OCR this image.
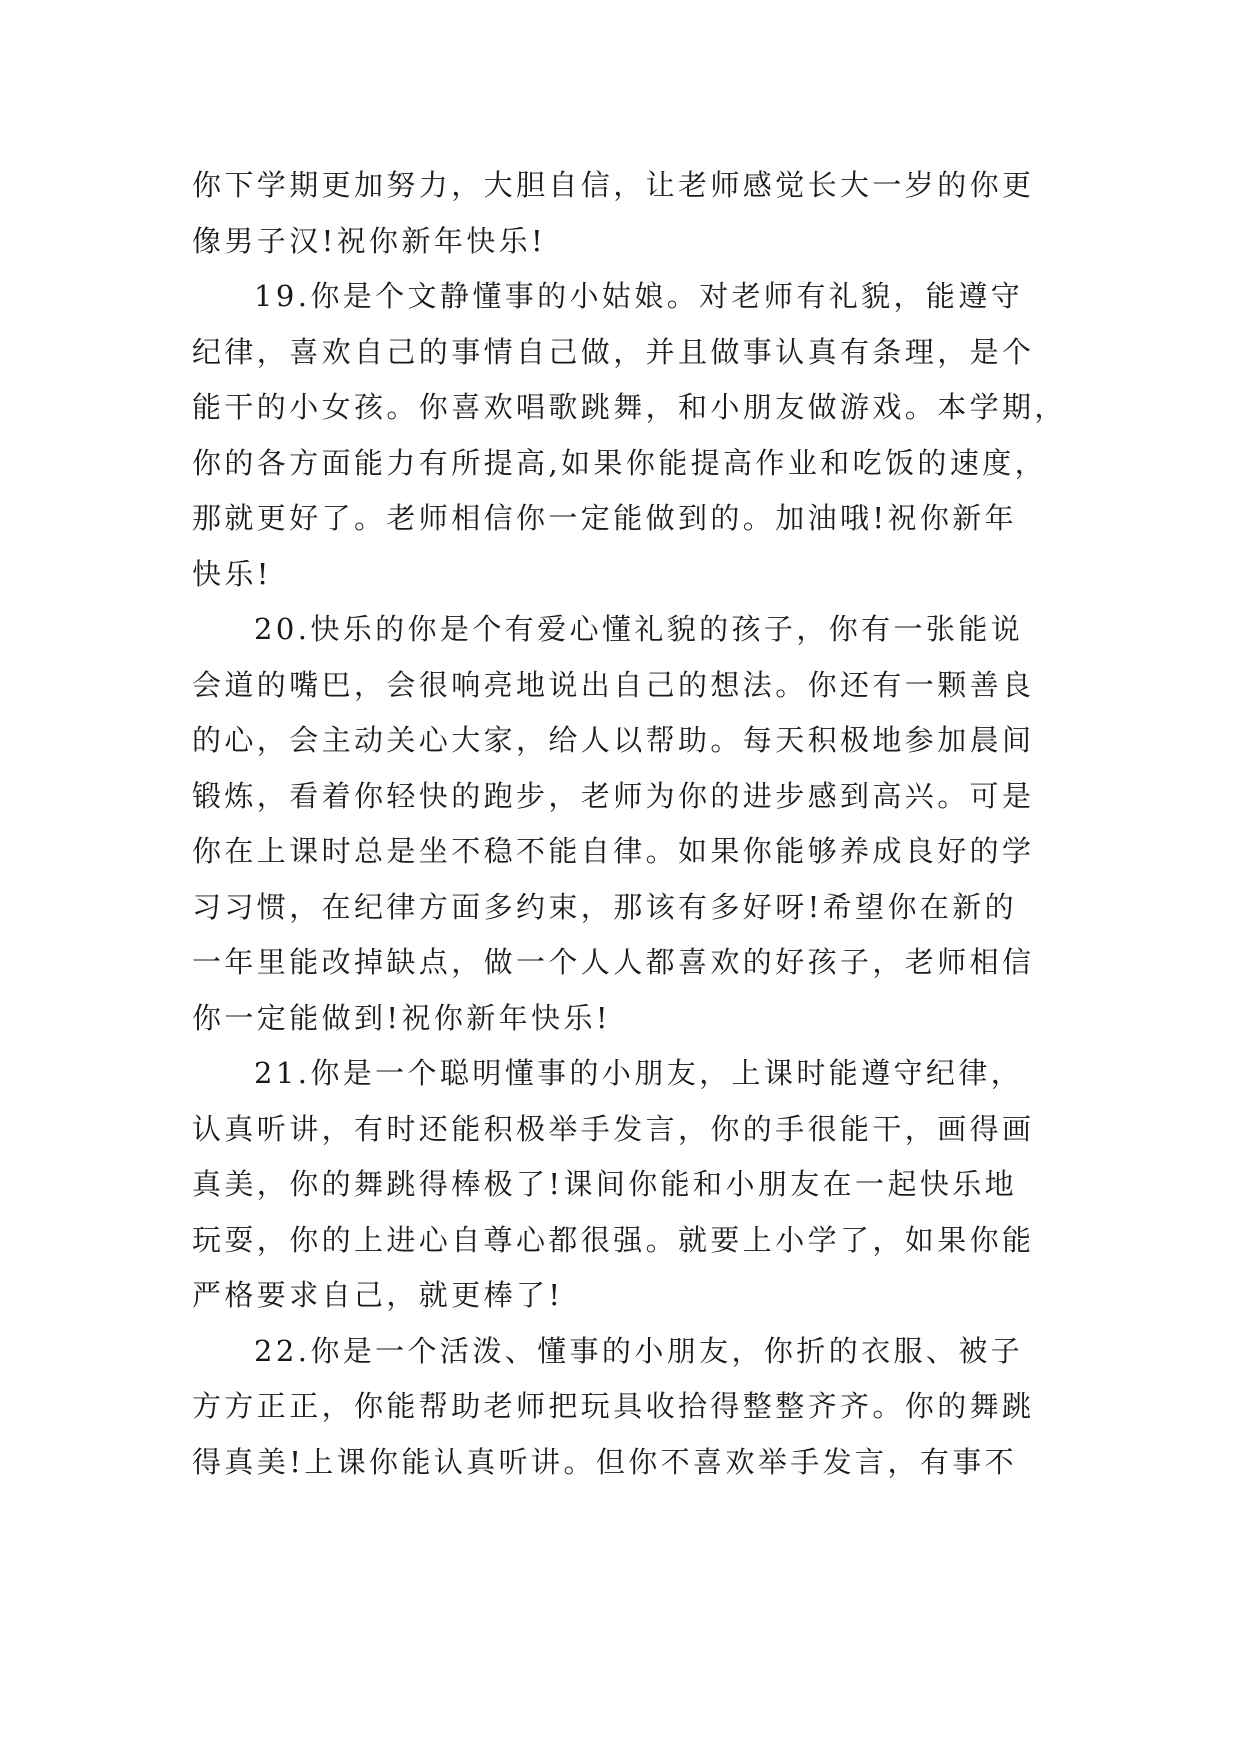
你下学期更加努力，大胆自信，让老师感觉长大一岁的你更
像男子汉!祝你新年快乐!
19.你是个文静懂事的小姑娘。对老师有礼貌，能遵守
纪律，喜欢自己的事情自己做，并且做事认真有条理，是个
能干的小女孩。你喜欢唱歌跳舞，和小朋友做游戏。本学期，
你的各方面能力有所提高,如果你能提高作业和吃饭的速度，
那就更好了。老师相信你一定能做到的。加油哦!祝你新年
快乐!
20.快乐的你是个有爱心懂礼貌的孩子，你有一张能说
会道的嘴巴，会很响亮地说出自己的想法。你还有一颗善良
的心，会主动关心大家，给人以帮助。每天积极地参加晨间
锻炼，看着你轻快的跑步，老师为你的进步感到高兴。可是
你在上课时总是坐不稳不能自律。如果你能够养成良好的学
习习惯，在纪律方面多约束，那该有多好呀!希望你在新的
一年里能改掉缺点，做一个人人都喜欢的好孩子，老师相信
你一定能做到!祝你新年快乐!
21.你是一个聪明懂事的小朋友，上课时能遵守纪律，
认真听讲，有时还能积极举手发言，你的手很能干，画得画
真美，你的舞跳得棒极了!课间你能和小朋友在一起快乐地
玩耍，你的上进心自尊心都很强。就要上小学了，如果你能
严格要求自己，就更棒了!
22.你是一个活泼、懂事的小朋友，你折的衣服、被子
方方正正，你能帮助老师把玩具收拾得整整齐齐。你的舞跳
得真美!上课你能认真听讲。但你不喜欢举手发言，有事不
